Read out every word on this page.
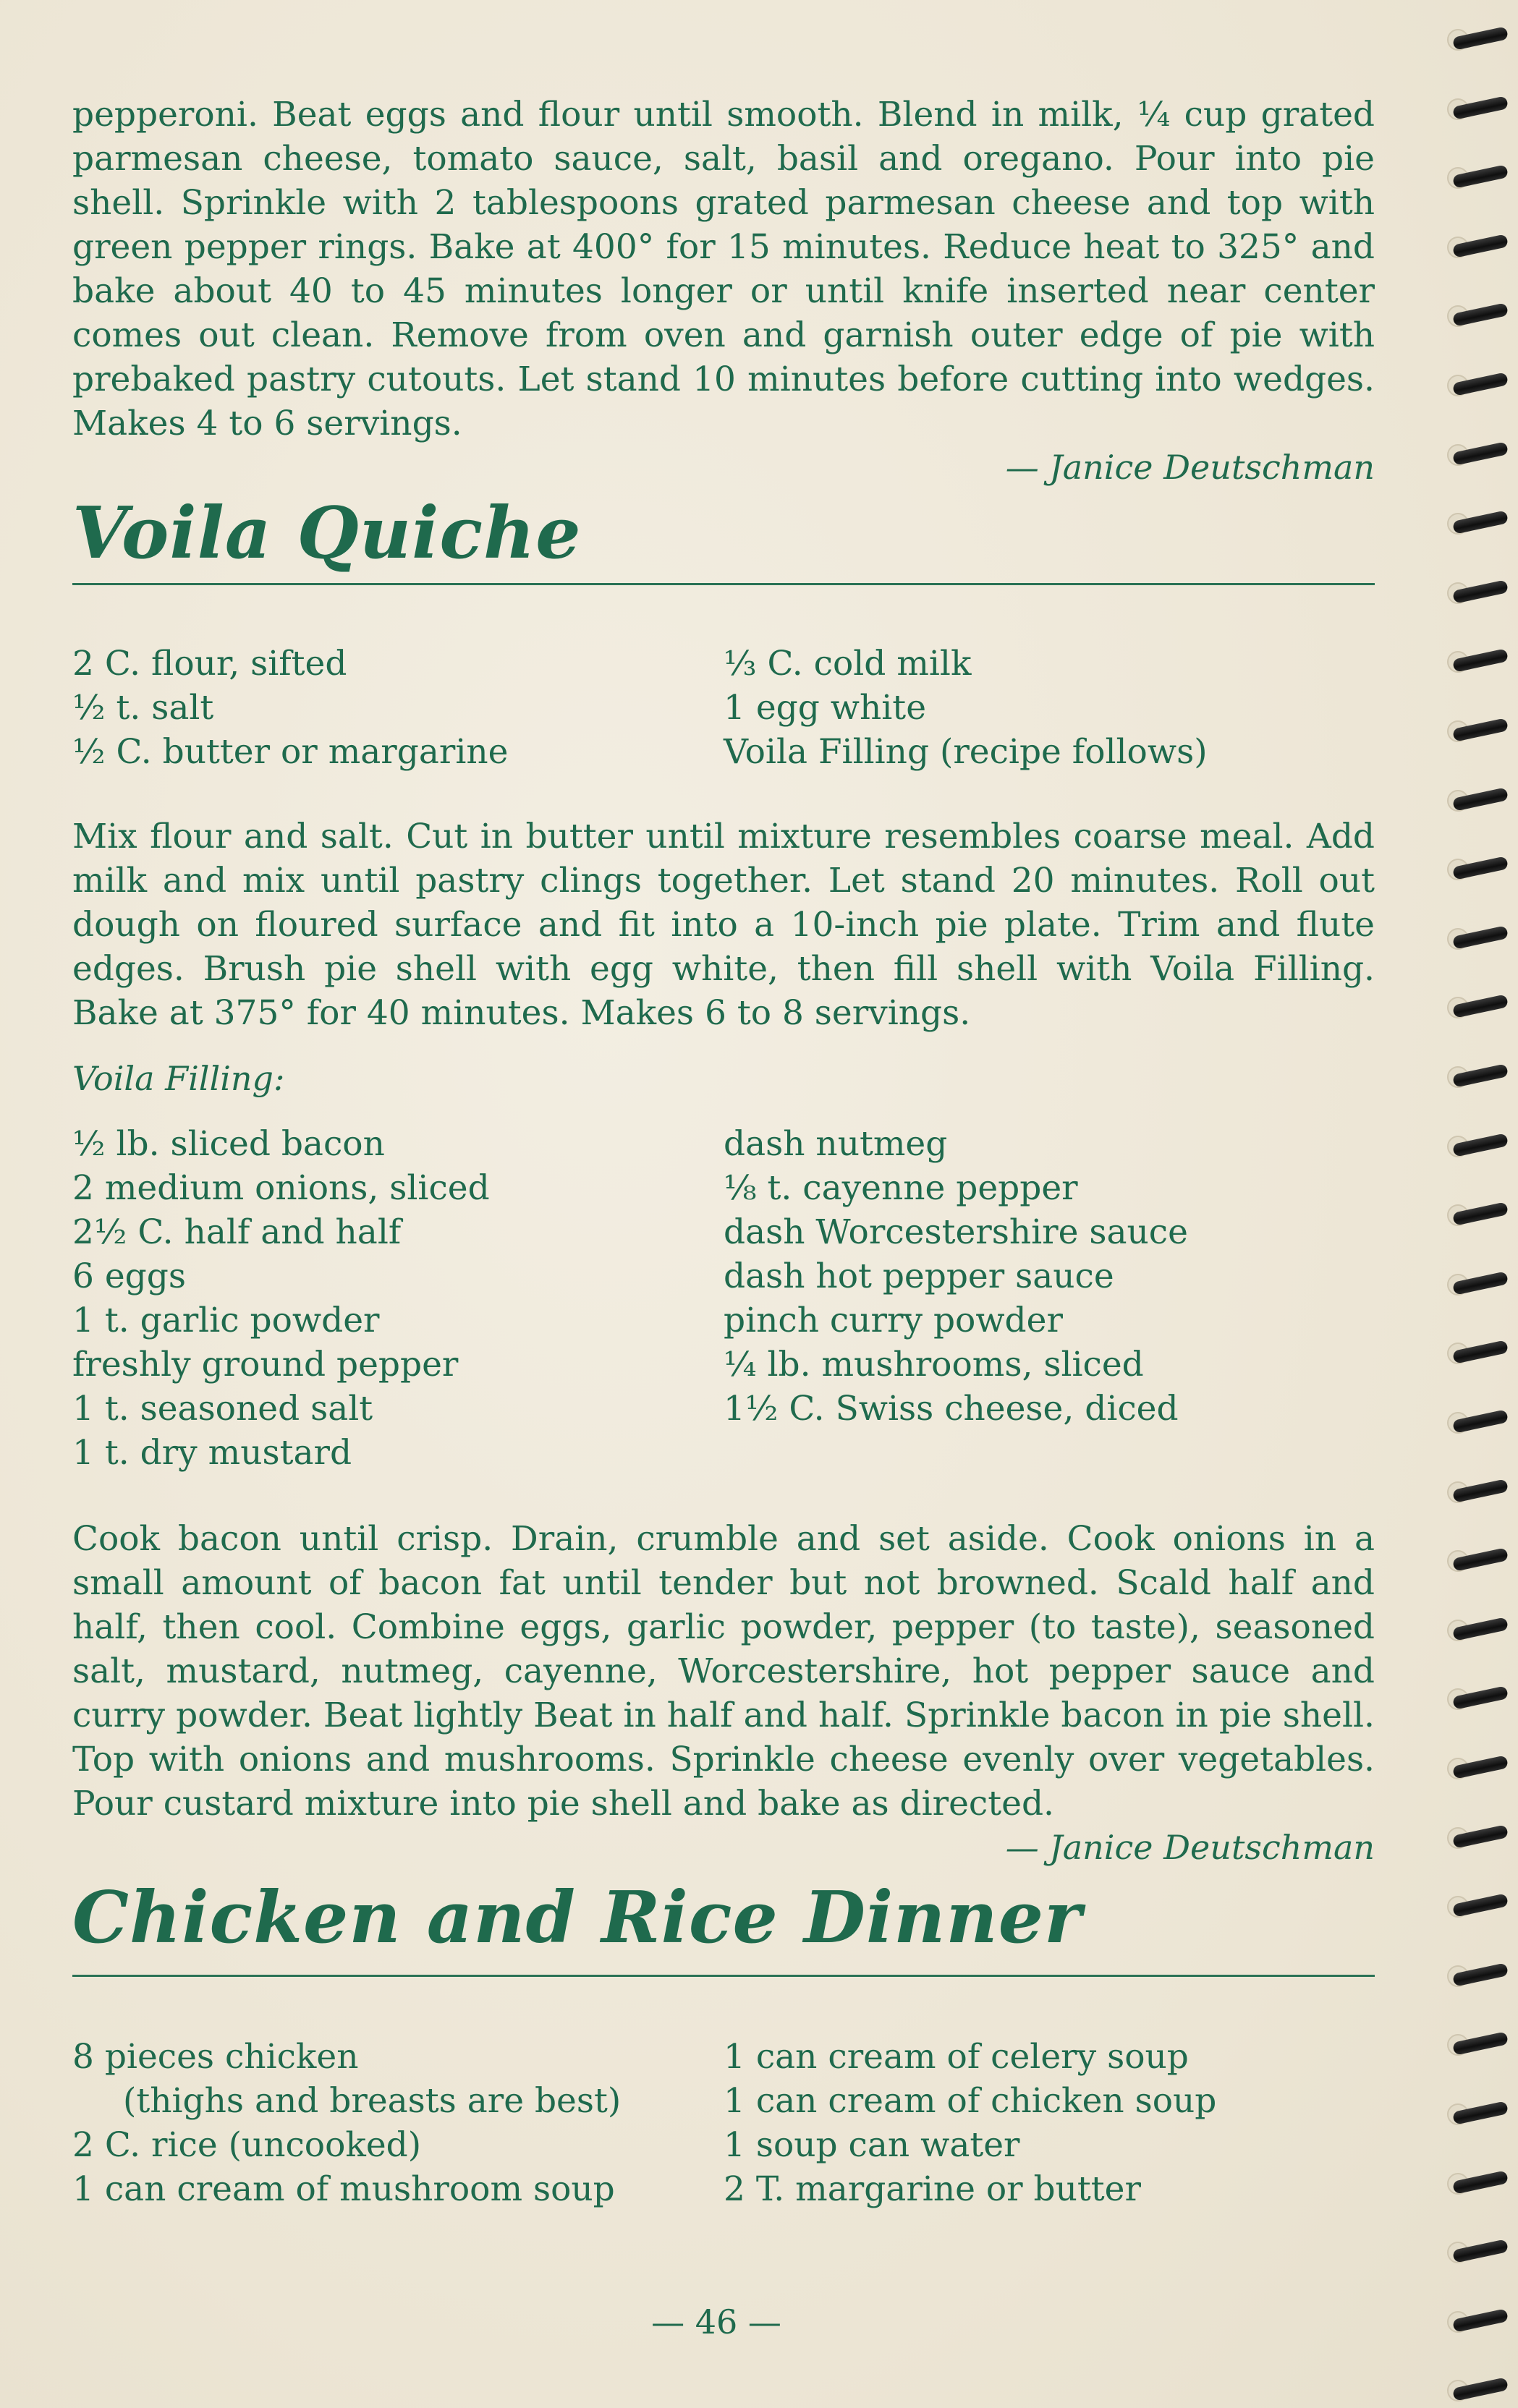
pepperoni. Beat eggs and flour until smooth. Blend in milk, ¼ cup grated parmesan cheese, tomato sauce, salt, basil and oregano. Pour into pie shell. Sprinkle with 2 tablespoons grated parmesan cheese and top with green pepper rings. Bake at 400° for 15 minutes. Reduce heat to 325° and bake about 40 to 45 minutes longer or until knife inserted near center comes out clean. Remove from oven and garnish outer edge of pie with prebaked pastry cutouts. Let stand 10 minutes before cutting into wedges. Makes 4 to 6 servings.

— Janice Deutschman

Voila Quiche
2 C. flour, sifted
½ t. salt
½ C. butter or margarine
⅓ C. cold milk
1 egg white
Voila Filling (recipe follows)

Mix flour and salt. Cut in butter until mixture resembles coarse meal. Add milk and mix until pastry clings together. Let stand 20 minutes. Roll out dough on floured surface and fit into a 10-inch pie plate. Trim and flute edges. Brush pie shell with egg white, then fill shell with Voila Filling. Bake at 375° for 40 minutes. Makes 6 to 8 servings.

Voila Filling:
½ lb. sliced bacon
2 medium onions, sliced
2½ C. half and half
6 eggs
1 t. garlic powder
freshly ground pepper
1 t. seasoned salt
1 t. dry mustard
dash nutmeg
⅛ t. cayenne pepper
dash Worcestershire sauce
dash hot pepper sauce
pinch curry powder
¼ lb. mushrooms, sliced
1½ C. Swiss cheese, diced

Cook bacon until crisp. Drain, crumble and set aside. Cook onions in a small amount of bacon fat until tender but not browned. Scald half and half, then cool. Combine eggs, garlic powder, pepper (to taste), seasoned salt, mustard, nutmeg, cayenne, Worcestershire, hot pepper sauce and curry powder. Beat lightly Beat in half and half. Sprinkle bacon in pie shell. Top with onions and mushrooms. Sprinkle cheese evenly over vegetables. Pour custard mixture into pie shell and bake as directed.

— Janice Deutschman

Chicken and Rice Dinner
8 pieces chicken
(thighs and breasts are best)
2 C. rice (uncooked)
1 can cream of mushroom soup
1 can cream of celery soup
1 can cream of chicken soup
1 soup can water
2 T. margarine or butter
— 46 —
